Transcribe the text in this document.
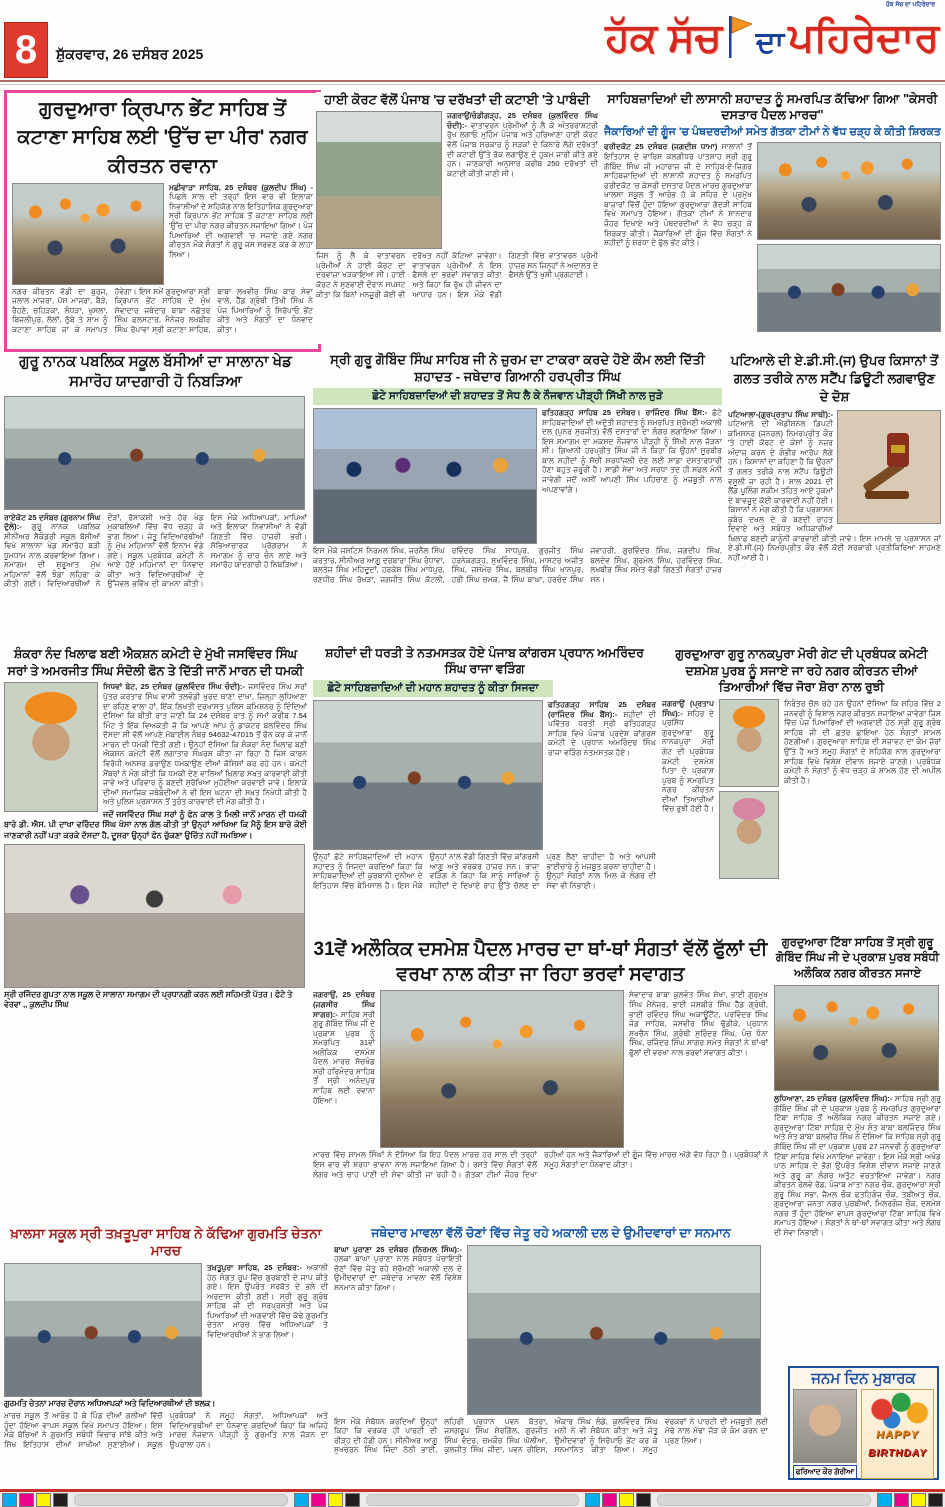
8	ਸ਼ੁੱਕਰਵਾਰ, 26 ਦਸੰਬਰ 2025	ਹੱਕ ਸੱਚ ਦਾ ਪਹਿਰੇਦਾਰ
ਹੱਕ ਸੱਚ ਦਾ ਪਹਿਰੇਦਾਰ
ਗੁਰਦੁਆਰਾ ਕ੍ਰਿਪਾਨ ਭੇਂਟ ਸਾਹਿਬ ਤੋਂ ਕਟਾਣਾ ਸਾਹਿਬ ਲਈ 'ਉੱਚ ਦਾ ਪੀਰ' ਨਗਰ ਕੀਰਤਨ ਰਵਾਨਾ

ਮਛੀਵਾੜਾ ਸਾਹਿਬ, 25 ਦਸੰਬਰ (ਕੁਲਦੀਪ ਸਿੰਘ) - ਪਿਛਲੇ ਸਾਲ ਦੀ ਤਰ੍ਹਾਂ ਇਸ ਵਾਰ ਵੀ ਇਲਾਕਾ ਨਿਵਾਸੀਆਂ ਦੇ ਸਹਿਯੋਗ ਨਾਲ ਇਤਿਹਾਸਿਕ ਗੁਰਦੁਆਰਾ ਸ੍ਰੀ ਕ੍ਰਿਪਾਨ ਭੇਂਟ ਸਾਹਿਬ ਤੋਂ ਕਟਾਣਾ ਸਾਹਿਬ ਲਈ 'ਉੱਚ ਦਾ ਪੀਰ' ਨਗਰ ਕੀਰਤਨ ਸਜਾਇਆ ਗਿਆ। ਪੰਜ ਪਿਆਰਿਆਂ ਦੀ ਅਗਵਾਈ 'ਚ ਸਜਾਏ ਗਏ ਨਗਰ ਕੀਰਤਨ ਮੌਕੇ ਸੰਗਤਾਂ ਨੇ ਗੁਰੂ ਜਸ ਸਰਵਣ ਕਰ ਕੇ ਲਾਹਾ ਲਿਆ।

ਨਗਰ ਕੀਰਤਨ ਵੱਡੀ ਦਾ ਬੁਰਜ, ਜਲਾਲ ਮਾਜਰਾ, ਪੱਸ ਮਾਜਰਾ, ਬੈੜੇ, ਰੈਹਣੇ, ਚਹਿੜਕਾ, ਲੰਧੜਾ, ਖੁਸਲਾ, ਬਿਜਲੀਪੁਰ, ਲੱਲਾਂ, ਠੁੱਬੇ ਤੇ ਸ਼ਾਮ ਨੂੰ ਕਟਾਣਾ ਸਾਹਿਬ ਜਾ ਕੇ ਸਮਾਪਤ ਹੋਵੇਗਾ। ਇਸ ਸਮੇਂ ਗੁਰਦੁਆਰਾ ਸ੍ਰੀ ਕ੍ਰਿਪਾਨ ਭੇਂਟ ਸਾਹਿਬ ਦੇ ਮੁੱਖ ਸੇਵਾਦਾਰ ਜਥੇਦਾਰ ਬਾਬਾ ਨਛੱਤਰ ਸਿੰਘ ਫਲਸਟਾਰ, ਮੈਨੇਜਰ ਲਖਬੀਰ ਸਿੰਘ ਰੋਪਾਵਾ ਸ੍ਰੀ ਕਟਾਣਾ ਸਾਹਿਬ, ਬਾਬਾ ਲਖਵੀਰ ਸਿੰਘ ਕਾਰ ਸੇਵਾ ਵਾਲੇ, ਹੈੱਡ ਗ੍ਰੰਥੀ ਤਿੱਖੀ ਸਿੰਘ ਨੇ ਪੰਜ ਪਿਆਰਿਆਂ ਨੂੰ ਸਿਰੋਪਾਓ ਭੇਂਟ ਕੀਤੇ ਅਤੇ ਸੰਗਤਾਂ ਦਾ ਧੰਨਵਾਦ ਕੀਤਾ।

ਹਾਈ ਕੋਰਟ ਵੱਲੋਂ ਪੰਜਾਬ 'ਚ ਦਰੱਖਤਾਂ ਦੀ ਕਟਾਈ 'ਤੇ ਪਾਬੰਦੀ

ਜਗਰਾਉਂ/ਚੰਡੀਗੜ੍ਹ, 25 ਦਸੰਬਰ (ਕੁਲਵਿੰਦਰ ਸਿੰਘ ਚੰਦੀ):- ਵਾਤਾਵਰਨ ਪ੍ਰੇਮੀਆਂ ਨੂੰ ਲੈ ਕੇ ਅੰਤਰਰਾਸ਼ਟਰੀ ਰੁੱਖ ਲਗਾਓ ਮੁਹਿੰਮ ਪੰਜਾਬ ਅਤੇ ਹਰਿਆਣਾ ਹਾਈ ਕੋਰਟ ਵੱਲੋਂ ਪੰਜਾਬ ਸਰਕਾਰ ਨੂੰ ਸੜਕਾਂ ਦੇ ਕਿਨਾਰੇ ਲੱਗੇ ਦਰੱਖਤਾਂ ਦੀ ਕਟਾਈ ਉੱਤੇ ਰੋਕ ਲਗਾਉਣ ਦੇ ਹੁਕਮ ਜਾਰੀ ਕੀਤੇ ਗਏ ਹਨ। ਜਾਣਕਾਰੀ ਅਨੁਸਾਰ ਕਰੀਬ 250 ਦਰੱਖਤਾਂ ਦੀ ਕਟਾਈ ਕੀਤੀ ਜਾਣੀ ਸੀ।

ਜਿਸ ਨੂੰ ਲੈ ਕੇ ਵਾਤਾਵਰਨ ਪ੍ਰੇਮੀਆਂ ਨੇ ਹਾਈ ਕੋਰਟ ਦਾ ਦਰਵਾਜ਼ਾ ਖੜਕਾਇਆ ਸੀ। ਹਾਈ ਕੋਰਟ ਨੇ ਸੁਣਵਾਈ ਦੌਰਾਨ ਸਪਸ਼ਟ ਕੀਤਾ ਕਿ ਬਿਨਾਂ ਮਨਜ਼ੂਰੀ ਕੋਈ ਵੀ ਦਰੱਖਤ ਨਹੀਂ ਕੱਟਿਆ ਜਾਵੇਗਾ। ਵਾਤਾਵਰਨ ਪ੍ਰੇਮੀਆਂ ਨੇ ਇਸ ਫੈਸਲੇ ਦਾ ਭਰਵਾਂ ਸਵਾਗਤ ਕੀਤਾ ਅਤੇ ਕਿਹਾ ਕਿ ਰੁੱਖ ਹੀ ਜੀਵਨ ਦਾ ਆਧਾਰ ਹਨ। ਇਸ ਮੌਕੇ ਵੱਡੀ ਗਿਣਤੀ ਵਿੱਚ ਵਾਤਾਵਰਨ ਪ੍ਰੇਮੀ ਹਾਜ਼ਰ ਸਨ ਜਿਨ੍ਹਾਂ ਨੇ ਅਦਾਲਤ ਦੇ ਫੈਸਲੇ ਉੱਤੇ ਖੁਸ਼ੀ ਪ੍ਰਗਟਾਈ।

ਸਾਹਿਬਜ਼ਾਦਿਆਂ ਦੀ ਲਾਸਾਨੀ ਸ਼ਹਾਦਤ ਨੂੰ ਸਮਰਪਿਤ ਕੱਢਿਆ ਗਿਆ "ਕੇਸਰੀ ਦਸਤਾਰ ਪੈਦਲ ਮਾਰਚ"

ਜੈਕਾਰਿਆਂ ਦੀ ਗੂੰਜ 'ਚ ਪੰਥਦਰਦੀਆਂ ਸਮੇਤ ਗੱਤਕਾ ਟੀਮਾਂ ਨੇ ਵੱਧ ਚੜ੍ਹ ਕੇ ਕੀਤੀ ਸ਼ਿਰਕਤ

ਫਰੀਦਕੋਟ 25 ਦਸੰਬਰ (ਜਗਦੀਸ਼ ਧਾਮਾ) ਸਾਲਾਨਾਂ ਤੋਂ ਇਤਿਹਾਸ ਦੇ ਵਾਰਿਸ ਕਲਗੀਧਰ ਪਾਤਸ਼ਾਹ ਸ੍ਰੀ ਗੁਰੂ ਗੋਬਿੰਦ ਸਿੰਘ ਜੀ ਮਹਾਰਾਜ ਜੀ ਦੇ ਸਾਹਿਬ-ਏ-ਜਿਗਰ ਸਾਹਿਬਜ਼ਾਦਿਆਂ ਦੀ ਲਾਸਾਨੀ ਸ਼ਹਾਦਤ ਨੂੰ ਸਮਰਪਿਤ ਫਰੀਦਕੋਟ 'ਚ ਕੇਸਰੀ ਦਸਤਾਰ ਪੈਦਲ ਮਾਰਚ ਗੁਰਦੁਆਰਾ ਖਾਲਸਾ ਸਕੂਲ ਤੋਂ ਆਰੰਭ ਹੋ ਕੇ ਸ਼ਹਿਰ ਦੇ ਪ੍ਰਮੁੱਖ ਬਾਜ਼ਾਰਾਂ ਵਿੱਚੋਂ ਹੁੰਦਾ ਹੋਇਆ ਗੁਰਦੁਆਰਾ ਗੋਦੜੀ ਸਾਹਿਬ ਵਿਖੇ ਸਮਾਪਤ ਹੋਇਆ। ਗੱਤਕਾ ਟੀਮਾਂ ਨੇ ਸ਼ਾਨਦਾਰ ਜੌਹਰ ਦਿਖਾਏ ਅਤੇ ਪੰਥਦਰਦੀਆਂ ਨੇ ਵੱਧ ਚੜ੍ਹ ਕੇ ਸ਼ਿਰਕਤ ਕੀਤੀ। ਜੈਕਾਰਿਆਂ ਦੀ ਗੂੰਜ ਵਿੱਚ ਸੰਗਤਾਂ ਨੇ ਸ਼ਹੀਦਾਂ ਨੂੰ ਸ਼ਰਧਾ ਦੇ ਫੁੱਲ ਭੇਂਟ ਕੀਤੇ।

ਗੁਰੂ ਨਾਨਕ ਪਬਲਿਕ ਸਕੂਲ ਬੱਸੀਆਂ ਦਾ ਸਾਲਾਨਾ ਖੇਡ ਸਮਾਰੋਹ ਯਾਦਗਾਰੀ ਹੋ ਨਿਬੜਿਆ

ਰਾਏਕੋਟ 25 ਦਸੰਬਰ (ਗੁਰਨਾਮ ਸਿੰਘ ਦੁੱਲੇ):- ਗੁਰੂ ਨਾਨਕ ਪਬਲਿਕ ਸੀਨੀਅਰ ਸੈਕੰਡਰੀ ਸਕੂਲ ਬੱਸੀਆਂ ਵਿਖੇ ਸਾਲਾਨਾ ਖੇਡ ਸਮਾਰੋਹ ਬੜੀ ਧੂਮਧਾਮ ਨਾਲ ਕਰਵਾਇਆ ਗਿਆ। ਸਮਾਗਮ ਦੀ ਸ਼ੁਰੂਆਤ ਮੁੱਖ ਮਹਿਮਾਨਾਂ ਵੱਲੋਂ ਝੰਡਾ ਲਹਿਰਾ ਕੇ ਕੀਤੀ ਗਈ। ਵਿਦਿਆਰਥੀਆਂ ਨੇ ਦੌੜਾਂ, ਰੱਸਾਕਸ਼ੀ ਅਤੇ ਹੋਰ ਖੇਡ ਮੁਕਾਬਲਿਆਂ ਵਿੱਚ ਵੱਧ ਚੜ੍ਹ ਕੇ ਭਾਗ ਲਿਆ। ਜੇਤੂ ਵਿਦਿਆਰਥੀਆਂ ਨੂੰ ਮੁੱਖ ਮਹਿਮਾਨਾਂ ਵੱਲੋਂ ਇਨਾਮ ਵੰਡੇ ਗਏ। ਸਕੂਲ ਪ੍ਰਬੰਧਕ ਕਮੇਟੀ ਨੇ ਆਏ ਹੋਏ ਮਹਿਮਾਨਾਂ ਦਾ ਧੰਨਵਾਦ ਕੀਤਾ ਅਤੇ ਵਿਦਿਆਰਥੀਆਂ ਦੇ ਉੱਜਵਲ ਭਵਿੱਖ ਦੀ ਕਾਮਨਾ ਕੀਤੀ। ਇਸ ਮੌਕੇ ਅਧਿਆਪਕਾਂ, ਮਾਪਿਆਂ ਅਤੇ ਇਲਾਕਾ ਨਿਵਾਸੀਆਂ ਨੇ ਵੱਡੀ ਗਿਣਤੀ ਵਿੱਚ ਹਾਜ਼ਰੀ ਭਰੀ। ਸੱਭਿਆਚਾਰਕ ਪ੍ਰੋਗਰਾਮ ਨੇ ਸਮਾਗਮ ਨੂੰ ਚਾਰ ਚੰਨ ਲਾਏ ਅਤੇ ਸਮਾਰੋਹ ਯਾਦਗਾਰੀ ਹੋ ਨਿਬੜਿਆ।

ਸ੍ਰੀ ਗੁਰੂ ਗੋਬਿੰਦ ਸਿੰਘ ਸਾਹਿਬ ਜੀ ਨੇ ਜ਼ੁਰਮ ਦਾ ਟਾਕਰਾ ਕਰਦੇ ਹੋਏ ਕੌਮ ਲਈ ਦਿੱਤੀ ਸ਼ਹਾਦਤ - ਜਥੇਦਾਰ ਗਿਆਨੀ ਹਰਪ੍ਰੀਤ ਸਿੰਘ

ਛੋਟੇ ਸਾਹਿਬਜ਼ਾਦਿਆਂ ਦੀ ਸ਼ਹਾਦਤ ਤੋਂ ਸੇਧ ਲੈ ਕੇ ਨੌਜਵਾਨ ਪੀੜ੍ਹੀ ਸਿੱਖੀ ਨਾਲ ਜੁੜੇ

ਫਤਿਹਗੜ੍ਹ ਸਾਹਿਬ 25 ਦਸੰਬਰ। ਰਾਜਿੰਦਰ ਸਿੰਘ ਬੈਂਸ:- ਛੋਟੇ ਸਾਹਿਬਜ਼ਾਦਿਆਂ ਦੀ ਅਦੁੱਤੀ ਸ਼ਹਾਦਤ ਨੂੰ ਸਮਰਪਿਤ ਸ਼੍ਰੋਮਣੀ ਅਕਾਲੀ ਦਲ (ਪੁਨਰ ਸੁਰਜੀਤ) ਵੱਲੋਂ ਦਸਤਾਰਾਂ ਦਾ ਲੰਗਰ ਲਗਾਇਆ ਗਿਆ। ਇਸ ਸਮਾਗਮ ਦਾ ਮਕਸਦ ਨੌਜਵਾਨ ਪੀੜ੍ਹੀ ਨੂੰ ਸਿੱਖੀ ਨਾਲ ਜੋੜਨਾ ਸੀ। ਗਿਆਨੀ ਹਰਪ੍ਰੀਤ ਸਿੰਘ ਜੀ ਨੇ ਕਿਹਾ ਕਿ ਉਹਨਾਂ ਸੂਰਬੀਰ ਬਾਲ ਸ਼ਹੀਦਾਂ ਨੂੰ ਸੱਚੀ ਸ਼ਰਧਾਂਜਲੀ ਦੇਣ ਲਈ ਸਾਡਾ ਦਸਤਾਰਧਾਰੀ ਹੋਣਾ ਬਹੁਤ ਜ਼ਰੂਰੀ ਹੈ। ਸਾਡੀ ਸੇਵਾ ਅਤੇ ਸਰਧਾ ਤਦ ਹੀ ਸਫਲ ਮੰਨੀ ਜਾਵੇਗੀ ਜਦੋਂ ਅਸੀਂ ਆਪਣੀ ਸਿੱਖ ਪਹਿਚਾਣ ਨੂੰ ਮਜ਼ਬੂਤੀ ਨਾਲ ਅਪਣਾਵਾਂਗੇ।

ਇਸ ਮੌਕੇ ਜਸਟਿਸ ਨਿਰਮਲ ਸਿੰਘ, ਜਰਨੈਲ ਸਿੰਘ ਕਰਤਾਰ, ਸੀਨੀਅਰ ਆਗੂ ਦਰਬਾਰਾ ਸਿੰਘ ਰੰਧਾਵਾ, ਬਲਤੇਜ ਸਿੰਘ ਮਹਿਦੂਦਾਂ, ਹਰਕੇਸ਼ ਸਿੰਘ ਮਾਧੇਪੁਰ, ਰਣਧੀਰ ਸਿੰਘ ਰੱਖੜਾ, ਜਗਜੀਤ ਸਿੰਘ ਕੋਟਲੀ, ਰਵਿੰਦਰ ਸਿੰਘ ਸਾਧਪੁਰ, ਗੁਰਜੀਤ ਸਿੰਘ ਹਰਨੇਕਗੜ੍ਹ, ਸੁਖਵਿੰਦਰ ਸਿੰਘ, ਮਾਸਟਰ ਅਜੀਤ ਸਿੰਘ, ਜਸਮੇਰ ਸਿੰਘ, ਬਲਬੀਰ ਸਿੰਘ ਖਾਨਪੁਰ, ਹਰੀ ਸਿੰਘ ਚਮਕ, ਜੈ ਸਿੰਘ ਬਾਘਾ, ਹਰਚੰਦ ਸਿੰਘ ਜਵਾਹਰੀ, ਗੁਰਵਿੰਦਰ ਸਿੰਘ, ਜਗਦੀਪ ਸਿੰਘ, ਬਲਦੇਵ ਸਿੰਘ, ਗੁਰਮੇਲ ਸਿੰਘ, ਹਰਵਿੰਦਰ ਸਿੰਘ, ਲਖਬੀਰ ਸਿੰਘ ਸਮੇਤ ਵੱਡੀ ਗਿਣਤੀ ਸੰਗਤਾਂ ਹਾਜ਼ਰ ਸਨ।

ਪਟਿਆਲੇ ਦੀ ਏ.ਡੀ.ਸੀ.(ਜ) ਉਪਰ ਕਿਸਾਨਾਂ ਤੋਂ ਗਲਤ ਤਰੀਕੇ ਨਾਲ ਸਟੈਂਪ ਡਿਊਟੀ ਲਗਵਾਉਣ ਦੇ ਦੋਸ਼

ਪਟਿਆਲਾ-(ਗੁਰਪ੍ਰਤਾਪ ਸਿੰਘ ਸਾਥੀ):- ਪਟਿਆਲੇ ਦੀ ਐਡੀਸ਼ਨਲ ਡਿਪਟੀ ਕਮਿਸ਼ਨਰ (ਜਨਰਲ) ਨਿਮਰਪ੍ਰੀਤ ਕੌਰ 'ਤੇ ਹਾਈ ਕੋਰਟ ਦੇ ਕੇਸਾਂ ਨੂੰ ਨਜ਼ਰ ਅੰਦਾਜ਼ ਕਰਨ ਦੇ ਗੰਭੀਰ ਆਰੋਪ ਲੱਗੇ ਹਨ। ਕਿਸਾਨਾਂ ਦਾ ਕਹਿਣਾ ਹੈ ਕਿ ਉਹਨਾਂ ਤੋਂ ਗਲਤ ਤਰੀਕੇ ਨਾਲ ਸਟੈਂਪ ਡਿਊਟੀ ਵਸੂਲੀ ਜਾ ਰਹੀ ਹੈ। ਸਾਲ 2021 ਦੀ ਲੈਂਡ ਪੂਲਿੰਗ ਸਕੀਮ ਤਹਿਤ ਆਏ ਹੁਕਮਾਂ ਦੇ ਬਾਵਜੂਦ ਕੋਈ ਕਾਰਵਾਈ ਨਹੀਂ ਹੋਈ। ਕਿਸਾਨਾਂ ਨੇ ਮੰਗ ਕੀਤੀ ਹੈ ਕਿ ਪ੍ਰਸ਼ਾਸਨ ਕੁਬੇਰ ਦਖਲ ਦੇ ਕੇ ਬਣਦੀ ਰਾਹਤ ਦਿਵਾਏ ਅਤੇ ਸਬੰਧਤ ਅਧਿਕਾਰੀਆਂ ਖ਼ਿਲਾਫ਼ ਬਣਦੀ ਕਾਨੂੰਨੀ ਕਾਰਵਾਈ ਕੀਤੀ ਜਾਵੇ। ਇਸ ਮਾਮਲੇ 'ਚ ਪ੍ਰਸ਼ਾਸਨ ਜਾਂ ਏ.ਡੀ.ਸੀ.(ਜ) ਨਿਮਰਪ੍ਰੀਤ ਕੌਰ ਵੱਲੋਂ ਕੋਈ ਸਰਕਾਰੀ ਪ੍ਰਤੀਕਿਰਿਆ ਸਾਹਮਣੇ ਨਹੀਂ ਆਈ ਹੈ।

ਸ਼ੰਕਰਾ ਨੰਦ ਖਿਲਾਫ ਬਣੀ ਐਕਸ਼ਨ ਕਮੇਟੀ ਦੇ ਮੁੱਖੀ ਜਸਵਿੰਦਰ ਸਿੰਘ ਸਰਾਂ ਤੇ ਅਮਰਜੀਤ ਸਿੰਘ ਸੰਦੋਲੀ ਫੋਨ ਤੇ ਦਿੱਤੀ ਜਾਨੋਂ ਮਾਰਨ ਦੀ ਧਮਕੀ

ਸਿਧਵਾਂ ਬੇਟ, 25 ਦਸੰਬਰ (ਕੁਲਵਿੰਦਰ ਸਿੰਘ ਚੰਦੀ):- ਜਸਵਿੰਦਰ ਸਿੰਘ ਸਰਾਂ ਪੁੱਤਰ ਕਰਤਾਰ ਸਿੰਘ ਵਾਸੀ ਤਲਵੰਡੀ ਖੁਰਦ ਥਾਣਾ ਦਾਖਾ, ਜ਼ਿਲ੍ਹਾ ਲੁਧਿਆਣਾ ਦਾ ਰਹਿਣ ਵਾਲਾ ਹਾਂ, ਇੱਕ ਲਿਖਤੀ ਦਰਖਾਸਤ ਪੁਲਿਸ ਕਮਿਸ਼ਨਰ ਨੂੰ ਦਿੰਦਿਆਂ ਦੱਸਿਆ ਕਿ ਬੀਤੀ ਰਾਤ ਜਾਣੀ ਕਿ 24 ਦਸੰਬਰ ਰਾਤ ਨੂੰ ਸਮਾਂ ਕਰੀਬ 7.54 ਮਿੰਟ ਤੇ ਇੱਕ ਵਿਅਕਤੀ ਜੋ ਕਿ ਆਪਣੇ ਆਪ ਨੂੰ ਡਾਕਟਰ ਬਲਵਿੰਦਰ ਸਿੰਘ ਦੱਸਦਾ ਸੀ ਵੱਲੋਂ ਆਪਣੇ ਮੋਬਾਈਲ ਨੰਬਰ 94632-47015 ਤੋਂ ਫੋਨ ਕਰ ਕੇ ਜਾਨੋਂ ਮਾਰਨ ਦੀ ਧਮਕੀ ਦਿੱਤੀ ਗਈ। ਉਨ੍ਹਾਂ ਦੱਸਿਆ ਕਿ ਸ਼ੰਕਰਾ ਨੰਦ ਖਿਲਾਫ ਬਣੀ ਐਕਸ਼ਨ ਕਮੇਟੀ ਵੱਲੋਂ ਲਗਾਤਾਰ ਸੰਘਰਸ਼ ਕੀਤਾ ਜਾ ਰਿਹਾ ਹੈ ਜਿਸ ਕਾਰਨ ਵਿਰੋਧੀ ਅਨਸਰ ਡਰਾਉਣ ਧਮਕਾਉਣ ਦੀਆਂ ਕੋਸ਼ਿਸ਼ਾਂ ਕਰ ਰਹੇ ਹਨ। ਕਮੇਟੀ ਮੈਂਬਰਾਂ ਨੇ ਮੰਗ ਕੀਤੀ ਕਿ ਧਮਕੀ ਦੇਣ ਵਾਲਿਆਂ ਖ਼ਿਲਾਫ਼ ਸਖ਼ਤ ਕਾਰਵਾਈ ਕੀਤੀ ਜਾਵੇ ਅਤੇ ਪਰਿਵਾਰ ਨੂੰ ਬਣਦੀ ਸੁਰੱਖਿਆ ਮੁਹੱਈਆ ਕਰਵਾਈ ਜਾਵੇ। ਇਲਾਕੇ ਦੀਆਂ ਸਮਾਜਿਕ ਜਥੇਬੰਦੀਆਂ ਨੇ ਵੀ ਇਸ ਘਟਨਾ ਦੀ ਸਖ਼ਤ ਨਿਖੇਧੀ ਕੀਤੀ ਹੈ ਅਤੇ ਪੁਲਿਸ ਪ੍ਰਸ਼ਾਸਨ ਤੋਂ ਤੁਰੰਤ ਕਾਰਵਾਈ ਦੀ ਮੰਗ ਕੀਤੀ ਹੈ।

ਜਦੋਂ ਜਸਵਿੰਦਰ ਸਿੰਘ ਸਰਾਂ ਨੂੰ ਫੋਨ ਕਾਲ ਤੇ ਮਿਲੀ ਜਾਨੋਂ ਮਾਰਨ ਦੀ ਧਮਕੀ ਬਾਰੇ ਡੀ. ਐਸ. ਪੀ ਦਾਖਾ ਵਰਿੰਦਰ ਸਿੰਘ ਖੋਸਾ ਨਾਲ ਗੱਲ ਕੀਤੀ ਤਾਂ ਉਨ੍ਹਾਂ ਆਖਿਆ ਕਿ ਮੈਨੂੰ ਇਸ ਬਾਰੇ ਕੋਈ ਜਾਣਕਾਰੀ ਨਹੀਂ ਪਤਾ ਕਰਕੇ ਦੱਸਦਾ ਹੈ, ਦੂਸਰਾ ਉਨ੍ਹਾਂ ਫੋਨ ਚੁੱਕਣਾ ਉਚਿੱਤ ਨਹੀਂ ਸਮਝਿਆ।

ਸ੍ਰੀ ਰਜਿੰਦਰ ਗੁਪਤਾ ਨਾਲ ਸਕੂਲ ਦੇ ਸਾਲਾਨਾ ਸਮਾਗਮ ਦੀ ਪ੍ਰਧਾਨਗੀ ਕਰਨ ਲਈ ਸਹਿਮਤੀ ਪੱਤਰ। ਫੋਟੋ ਤੇ ਵੇਰਵਾ ,, ਕੁਲਦੀਪ ਸਿੰਘ

ਸ਼ਹੀਦਾਂ ਦੀ ਧਰਤੀ ਤੇ ਨਤਮਸਤਕ ਹੋਏ ਪੰਜਾਬ ਕਾਂਗਰਸ ਪ੍ਰਧਾਨ ਅਮਰਿੰਦਰ ਸਿੰਘ ਰਾਜਾ ਵੜਿੰਗ

ਛੋਟੇ ਸਾਹਿਬਜ਼ਾਦਿਆਂ ਦੀ ਮਹਾਨ ਸ਼ਹਾਦਤ ਨੂੰ ਕੀਤਾ ਸਿਜਦਾ

ਫਤਿਹਗੜ੍ਹ ਸਾਹਿਬ 25 ਦਸੰਬਰ (ਰਾਜਿੰਦਰ ਸਿੰਘ ਬੈਂਸ):- ਸ਼ਹੀਦਾਂ ਦੀ ਪਵਿੱਤਰ ਧਰਤੀ ਸ੍ਰੀ ਫਤਿਹਗੜ੍ਹ ਸਾਹਿਬ ਵਿਖੇ ਪੰਜਾਬ ਪ੍ਰਦੇਸ਼ ਕਾਂਗਰਸ ਕਮੇਟੀ ਦੇ ਪ੍ਰਧਾਨ ਅਮਰਿੰਦਰ ਸਿੰਘ ਰਾਜਾ ਵੜਿੰਗ ਨਤਮਸਤਕ ਹੋਏ।

ਉਨ੍ਹਾਂ ਛੋਟੇ ਸਾਹਿਬਜ਼ਾਦਿਆਂ ਦੀ ਮਹਾਨ ਸ਼ਹਾਦਤ ਨੂੰ ਸਿਜਦਾ ਕਰਦਿਆਂ ਕਿਹਾ ਕਿ ਸਾਹਿਬਜ਼ਾਦਿਆਂ ਦੀ ਕੁਰਬਾਨੀ ਦੁਨੀਆ ਦੇ ਇਤਿਹਾਸ ਵਿੱਚ ਬੇਮਿਸਾਲ ਹੈ। ਇਸ ਮੌਕੇ ਉਨ੍ਹਾਂ ਨਾਲ ਵੱਡੀ ਗਿਣਤੀ ਵਿੱਚ ਕਾਂਗਰਸੀ ਆਗੂ ਅਤੇ ਵਰਕਰ ਹਾਜ਼ਰ ਸਨ। ਰਾਜਾ ਵੜਿੰਗ ਨੇ ਕਿਹਾ ਕਿ ਸਾਨੂੰ ਸਾਰਿਆਂ ਨੂੰ ਸ਼ਹੀਦਾਂ ਦੇ ਦਿਖਾਏ ਰਾਹ ਉੱਤੇ ਚੱਲਣ ਦਾ ਪ੍ਰਣ ਲੈਣਾ ਚਾਹੀਦਾ ਹੈ ਅਤੇ ਆਪਸੀ ਭਾਈਚਾਰੇ ਨੂੰ ਮਜ਼ਬੂਤ ਕਰਨਾ ਚਾਹੀਦਾ ਹੈ। ਉਨ੍ਹਾਂ ਸੰਗਤਾਂ ਨਾਲ ਮਿਲ ਕੇ ਲੰਗਰ ਦੀ ਸੇਵਾ ਵੀ ਨਿਭਾਈ।

ਗੁਰਦੁਆਰਾ ਗੁਰੂ ਨਾਨਕਪੁਰਾ ਮੋਰੀ ਗੇਟ ਦੀ ਪ੍ਰਬੰਧਕ ਕਮੇਟੀ ਦਸ਼ਮੇਸ਼ ਪੁਰਬ ਨੂੰ ਸਜਾਏ ਜਾ ਰਹੇ ਨਗਰ ਕੀਰਤਨ ਦੀਆਂ ਤਿਆਰੀਆਂ ਵਿੱਚ ਜੋਰਾ ਸ਼ੋਰਾ ਨਾਲ ਰੁਝੀ

ਜਗਰਾਉਂ (ਪ੍ਰਤਾਪ ਸਿੰਘ):- ਸ਼ਹਿਰ ਦੇ ਪ੍ਰਸਿੱਧ ਗੁਰਦੁਆਰਾ ਗੁਰੂ ਨਾਨਕਪੁਰਾ ਮੋਰੀ ਗੇਟ ਦੀ ਪ੍ਰਬੰਧਕ ਕਮੇਟੀ ਦਸ਼ਮੇਸ਼ ਪਿਤਾ ਦੇ ਪ੍ਰਕਾਸ਼ ਪੁਰਬ ਨੂੰ ਸਮਰਪਿਤ ਨਗਰ ਕੀਰਤਨ ਦੀਆਂ ਤਿਆਰੀਆਂ ਵਿੱਚ ਰੁਝੀ ਹੋਈ ਹੈ।

ਨਿਰੰਤਰ ਚੱਲ ਰਹੇ ਹਨ ਉਹਨਾਂ ਦੱਸਿਆ ਕਿ ਸ਼ਹਿਰ ਵਿੱਚ 2 ਜਨਵਰੀ ਨੂੰ ਵਿਸ਼ਾਲ ਨਗਰ ਕੀਰਤਨ ਸਜਾਇਆ ਜਾਵੇਗਾ ਜਿਸ ਵਿੱਚ ਪੰਜ ਪਿਆਰਿਆਂ ਦੀ ਅਗਵਾਈ ਹੇਠ ਸ੍ਰੀ ਗੁਰੂ ਗ੍ਰੰਥ ਸਾਹਿਬ ਜੀ ਦੀ ਛਤਰ ਛਾਇਆ ਹੇਠ ਸੰਗਤਾਂ ਸ਼ਾਮਲ ਹੋਣਗੀਆਂ। ਗੁਰਦੁਆਰਾ ਸਾਹਿਬ ਦੀ ਸਜਾਵਟ ਦਾ ਕੰਮ ਜ਼ੋਰਾਂ ਉੱਤੇ ਹੈ ਅਤੇ ਸਮੂਹ ਸੰਗਤਾਂ ਦੇ ਸਹਿਯੋਗ ਨਾਲ ਗੁਰਦੁਆਰਾ ਸਾਹਿਬ ਵਿਖੇ ਵਿਸ਼ੇਸ਼ ਦੀਵਾਨ ਸਜਾਏ ਜਾਣਗੇ। ਪ੍ਰਬੰਧਕ ਕਮੇਟੀ ਨੇ ਸੰਗਤਾਂ ਨੂੰ ਵੱਧ ਚੜ੍ਹ ਕੇ ਸ਼ਾਮਲ ਹੋਣ ਦੀ ਅਪੀਲ ਕੀਤੀ ਹੈ।

31ਵੇਂ ਅਲੌਕਿਕ ਦਸਮੇਸ਼ ਪੈਦਲ ਮਾਰਚ ਦਾ ਥਾਂ-ਥਾਂ ਸੰਗਤਾਂ ਵੱਲੋਂ ਫੁੱਲਾਂ ਦੀ ਵਰਖਾ ਨਾਲ ਕੀਤਾ ਜਾ ਰਿਹਾ ਭਰਵਾਂ ਸਵਾਗਤ

ਜਗਰਾਉਂ, 25 ਦਸੰਬਰ (ਜਗਸੀਰ ਸਿੰਘ ਸਾਗਰ):- ਸਾਹਿਬ ਸ੍ਰੀ ਗੁਰੂ ਗੋਬਿੰਦ ਸਿੰਘ ਜੀ ਦੇ ਪ੍ਰਕਾਸ਼ ਪੁਰਬ ਨੂੰ ਸਮਰਪਿਤ 31ਵਾਂ ਅਲੌਕਿਕ ਦਸਮੇਸ਼ ਪੈਦਲ ਮਾਰਚ ਸੱਚਖੰਡ ਸ੍ਰੀ ਹਰਿਮੰਦਰ ਸਾਹਿਬ ਤੋਂ ਸ੍ਰੀ ਅਨੰਦਪੁਰ ਸਾਹਿਬ ਲਈ ਰਵਾਨਾ ਹੋਇਆ।

ਸੇਵਾਦਾਰ ਬਾਬਾ ਕੁਲਵੰਤ ਸਿੰਘ ਸ਼ੇਖਾ, ਭਾਈ ਗੁਰਮੁਖ ਸਿੰਘ ਮੈਨੇਜਰ, ਭਾਈ ਜਸਬੀਰ ਸਿੰਘ ਹੈੱਡ ਗ੍ਰੰਥੀ, ਭਾਈ ਰਵਿੰਦਰ ਸਿੰਘ ਅਕਾਊਂਟੈਂਟ, ਪਰਵਿੰਦਰ ਸਿੰਘ ਜੰਡ ਸਾਹਿਬ, ਜਸਵੀਰ ਸਿੰਘ ਢੁੱਡੀਕੇ, ਪ੍ਰਧਾਨ ਸੁਖਚੈਨ ਸਿੰਘ, ਗ੍ਰੰਥੀ ਸੁਰਿੰਦਰ ਸਿੰਘ, ਪੰਚ ਧੰਨਾ ਸਿੰਘ, ਰਜਿੰਦਰ ਸਿੰਘ ਸਾਗਰ ਸਮੇਤ ਸੰਗਤਾਂ ਨੇ ਥਾਂ-ਥਾਂ ਫੁੱਲਾਂ ਦੀ ਵਰਖਾ ਨਾਲ ਭਰਵਾਂ ਸਵਾਗਤ ਕੀਤਾ।

ਮਾਰਚ ਵਿੱਚ ਸ਼ਾਮਲ ਸਿੰਘਾਂ ਨੇ ਦੱਸਿਆ ਕਿ ਇਹ ਪੈਦਲ ਮਾਰਚ ਹਰ ਸਾਲ ਦੀ ਤਰ੍ਹਾਂ ਇਸ ਵਾਰ ਵੀ ਸ਼ਰਧਾ ਭਾਵਨਾ ਨਾਲ ਸਜਾਇਆ ਗਿਆ ਹੈ। ਰਸਤੇ ਵਿੱਚ ਸੰਗਤਾਂ ਵੱਲੋਂ ਲੰਗਰ ਅਤੇ ਚਾਹ ਪਾਣੀ ਦੀ ਸੇਵਾ ਕੀਤੀ ਜਾ ਰਹੀ ਹੈ। ਗੱਤਕਾ ਟੀਮਾਂ ਜੌਹਰ ਦਿਖਾ ਰਹੀਆਂ ਹਨ ਅਤੇ ਜੈਕਾਰਿਆਂ ਦੀ ਗੂੰਜ ਵਿੱਚ ਮਾਰਚ ਅੱਗੇ ਵੱਧ ਰਿਹਾ ਹੈ। ਪ੍ਰਬੰਧਕਾਂ ਨੇ ਸਮੂਹ ਸੰਗਤਾਂ ਦਾ ਧੰਨਵਾਦ ਕੀਤਾ।

ਗੁਰਦੁਆਰਾ ਟਿੱਬਾ ਸਾਹਿਬ ਤੋਂ ਸ੍ਰੀ ਗੁਰੂ ਗੋਬਿੰਦ ਸਿੰਘ ਜੀ ਦੇ ਪ੍ਰਕਾਸ਼ ਪੁਰਬ ਸਬੰਧੀ ਅਲੌਕਿਕ ਨਗਰ ਕੀਰਤਨ ਸਜਾਏ

ਲੁਧਿਆਣਾ, 25 ਦਸੰਬਰ (ਕੁਲਵਿੰਦਰ ਸਿੰਘ):- ਸਾਹਿਬ ਸ੍ਰੀ ਗੁਰੂ ਗੋਬਿੰਦ ਸਿੰਘ ਜੀ ਦੇ ਪ੍ਰਕਾਸ਼ ਪੁਰਬ ਨੂੰ ਸਮਰਪਿਤ ਗੁਰਦੁਆਰਾ ਟਿੱਬਾ ਸਾਹਿਬ ਤੋਂ ਅਲੌਕਿਕ ਨਗਰ ਕੀਰਤਨ ਸਜਾਏ ਗਏ। ਗੁਰਦੁਆਰਾ ਟਿੱਬਾ ਸਾਹਿਬ ਦੇ ਮੁੱਖ ਸੰਤ ਬਾਬਾ ਬਲਜਿੰਦਰ ਸਿੰਘ ਅਤੇ ਸੰਤ ਬਾਬਾ ਬਲਵੀਰ ਸਿੰਘ ਨੇ ਦੱਸਿਆ ਕਿ ਸਾਹਿਬ ਸ੍ਰੀ ਗੁਰੂ ਗੋਬਿੰਦ ਸਿੰਘ ਜੀ ਦਾ ਪ੍ਰਕਾਸ਼ ਪੁਰਬ 27 ਜਨਵਰੀ ਨੂੰ ਗੁਰਦੁਆਰਾ ਟਿੱਬਾ ਸਾਹਿਬ ਵਿਖੇ ਮਨਾਇਆ ਜਾਵੇਗਾ। ਇਸ ਮੌਕੇ ਸ੍ਰੀ ਅਖੰਡ ਪਾਠ ਸਾਹਿਬ ਦੇ ਭੋਗ ਉਪਰੰਤ ਵਿਸ਼ੇਸ਼ ਦੀਵਾਨ ਸਜਾਏ ਜਾਣਗੇ ਅਤੇ ਗੁਰੂ ਕਾ ਲੰਗਰ ਅਤੁੱਟ ਵਰਤਾਇਆ ਜਾਵੇਗਾ। ਨਗਰ ਕੀਰਤਨ ਰੇਲਵੇ ਰੋਡ, ਪੰਜਾਬ ਮਾਤਾ ਨਗਰ ਚੌਕ, ਗੁਰਦੁਆਰਾ ਸ੍ਰੀ ਗੁਰੂ ਸਿੰਘ ਸਭਾ, ਜੈਮਲ ਚੌਕ ਫਤਹਿਗੰਜ ਚੌਕ, ਤਬੀਅਤ ਚੌਕ, ਗੁਰਦੁਆਰਾ ਜਨਤਾ ਨਗਰ ਪੁਰਬੀਆਂ, ਮਿਲਰਗੰਜ ਚੌਕ, ਦਸਮੇਸ਼ ਨਗਰ ਤੋਂ ਹੁੰਦਾ ਹੋਇਆ ਵਾਪਸ ਗੁਰਦੁਆਰਾ ਟਿੱਬਾ ਸਾਹਿਬ ਵਿਖੇ ਸਮਾਪਤ ਹੋਇਆ। ਸੰਗਤਾਂ ਨੇ ਥਾਂ-ਥਾਂ ਸਵਾਗਤ ਕੀਤਾ ਅਤੇ ਲੰਗਰ ਦੀ ਸੇਵਾ ਨਿਭਾਈ।

ਖ਼ਾਲਸਾ ਸਕੂਲ ਸ੍ਰੀ ਤਖ਼ਤੂਪੁਰਾ ਸਾਹਿਬ ਨੇ ਕੱਢਿਆ ਗੁਰਮਤਿ ਚੇਤਨਾ ਮਾਰਚ

ਤਖ਼ਤੂਪੁਰਾ ਸਾਹਿਬ, 25 ਦਸੰਬਰ:- ਅਕਾਲੀ ਹੇਠ ਸੰਗਤ ਰੂਪ ਵਿੱਚ ਗੁਰਬਾਣੀ ਦੇ ਜਾਪ ਕੀਤੇ ਗਏ। ਇਸ ਉਪਰੰਤ ਸਰਬੱਤ ਦੇ ਭਲੇ ਦੀ ਅਰਦਾਸ ਕੀਤੀ ਗਈ। ਸ੍ਰੀ ਗੁਰੂ ਗ੍ਰੰਥ ਸਾਹਿਬ ਜੀ ਦੀ ਸਰਪ੍ਰਸਤੀ ਅਤੇ ਪੰਜ ਪਿਆਰਿਆਂ ਦੀ ਅਗਵਾਈ ਵਿੱਚ ਕੱਢੇ ਗੁਰਮਤਿ ਚੇਤਨਾ ਮਾਰਚ ਵਿੱਚ ਅਧਿਆਪਕਾਂ ਤੇ ਵਿਦਿਆਰਥੀਆਂ ਨੇ ਭਾਗ ਲਿਆ।

ਗੁਰਮਤਿ ਚੇਤਨਾ ਮਾਰਚ ਦੌਰਾਨ ਅਧਿਆਪਕਾਂ ਅਤੇ ਵਿਦਿਆਰਥੀਆਂ ਦੀ ਝਲਕ।

ਮਾਰਚ ਸਕੂਲ ਤੋਂ ਆਰੰਭ ਹੋ ਕੇ ਪਿੰਡ ਦੀਆਂ ਗਲੀਆਂ ਵਿੱਚੋਂ ਹੁੰਦਾ ਹੋਇਆ ਵਾਪਸ ਸਕੂਲ ਵਿਖੇ ਸਮਾਪਤ ਹੋਇਆ। ਇਸ ਮੌਕੇ ਬੱਚਿਆਂ ਨੇ ਗੁਰਮਤਿ ਸਬੰਧੀ ਵਿਚਾਰ ਸਾਂਝੇ ਕੀਤੇ ਅਤੇ ਸਿੱਖ ਇਤਿਹਾਸ ਦੀਆਂ ਸਾਖੀਆਂ ਸੁਣਾਈਆਂ। ਸਕੂਲ ਪ੍ਰਬੰਧਕਾਂ ਨੇ ਸਮੂਹ ਸੰਗਤਾਂ, ਅਧਿਆਪਕਾਂ ਅਤੇ ਵਿਦਿਆਰਥੀਆਂ ਦਾ ਧੰਨਵਾਦ ਕਰਦਿਆਂ ਕਿਹਾ ਕਿ ਅਜਿਹੇ ਮਾਰਚ ਨੌਜਵਾਨ ਪੀੜ੍ਹੀ ਨੂੰ ਗੁਰਮਤਿ ਨਾਲ ਜੋੜਨ ਦਾ ਉਪਰਾਲਾ ਹਨ।

ਜਥੇਦਾਰ ਮਾਵਲਾ ਵੱਲੋਂ ਚੋਣਾਂ ਵਿੱਚ ਜੇਤੂ ਰਹੇ ਅਕਾਲੀ ਦਲ ਦੇ ਉਮੀਦਵਾਰਾਂ ਦਾ ਸਨਮਾਨ

ਬਾਘਾ ਪੁਰਾਣਾ 25 ਦਸੰਬਰ (ਨਿਰਮਲ ਸਿੰਘ):- ਹਲਕਾ ਬਾਘਾ ਪੁਰਾਣਾ ਨਾਲ ਸਬੰਧਤ ਪੰਚਾਇਤੀ ਚੋਣਾਂ ਵਿੱਚ ਜੇਤੂ ਰਹੇ ਸ਼੍ਰੋਮਣੀ ਅਕਾਲੀ ਦਲ ਦੇ ਉਮੀਦਵਾਰਾਂ ਦਾ ਜਥੇਦਾਰ ਮਾਵਲਾ ਵੱਲੋਂ ਵਿਸ਼ੇਸ਼ ਸਨਮਾਨ ਕੀਤਾ ਗਿਆ।

ਇਸ ਮੌਕੇ ਸੰਬੋਧਨ ਕਰਦਿਆਂ ਉਨ੍ਹਾਂ ਕਿਹਾ ਕਿ ਵਰਕਰ ਹੀ ਪਾਰਟੀ ਦੀ ਰੀੜ੍ਹ ਦੀ ਹੱਡੀ ਹਨ। ਸੀਨੀਅਰ ਆਗੂ ਸੁਖਚਰਨ ਸਿੰਘ ਜਿੰਦਾ ਠੱਠੀ ਭਾਈ, ਲਹਿਰੀ ਪ੍ਰਧਾਨ ਪਵਨ ਬੱਤਰਾ, ਜਸਗਰੂਪ ਸਿੰਘ ਸ਼ੇਰਗਿੱਲ, ਗੁਰਜੀਤ ਸਿੰਘ ਵੰਦਰ, ਚਮਕੌਰ ਸਿੰਘ ਘੋਲੀਆ, ਕੁਲਜੀਤ ਸਿੰਘ ਜੀਦਾ, ਪਵਨ ਰੀਇਸ, ਔਕਾਰ ਸਿੰਘ ਲੰਡੇ, ਕੁਲਵਿੰਦਰ ਸਿੰਘ ਮਨੀ ਨੇ ਵੀ ਸੰਬੋਧਨ ਕੀਤਾ ਅਤੇ ਜੇਤੂ ਉਮੀਦਵਾਰਾਂ ਨੂੰ ਸਿਰੋਪਾਓ ਭੇਂਟ ਕਰ ਕੇ ਸਨਮਾਨਿਤ ਕੀਤਾ ਗਿਆ। ਸਮੂਹ ਵਰਕਰਾਂ ਨੇ ਪਾਰਟੀ ਦੀ ਮਜ਼ਬੂਤੀ ਲਈ ਮੋਢੇ ਨਾਲ ਮੋਢਾ ਜੋੜ ਕੇ ਕੰਮ ਕਰਨ ਦਾ ਪ੍ਰਣ ਲਿਆ।

ਜਨਮ ਦਿਨ ਮੁਬਾਰਕ
ਫਰਿਆਦ ਕੌਰ ਗੋਰੀਆ
HAPPY
BIRTHDAY
